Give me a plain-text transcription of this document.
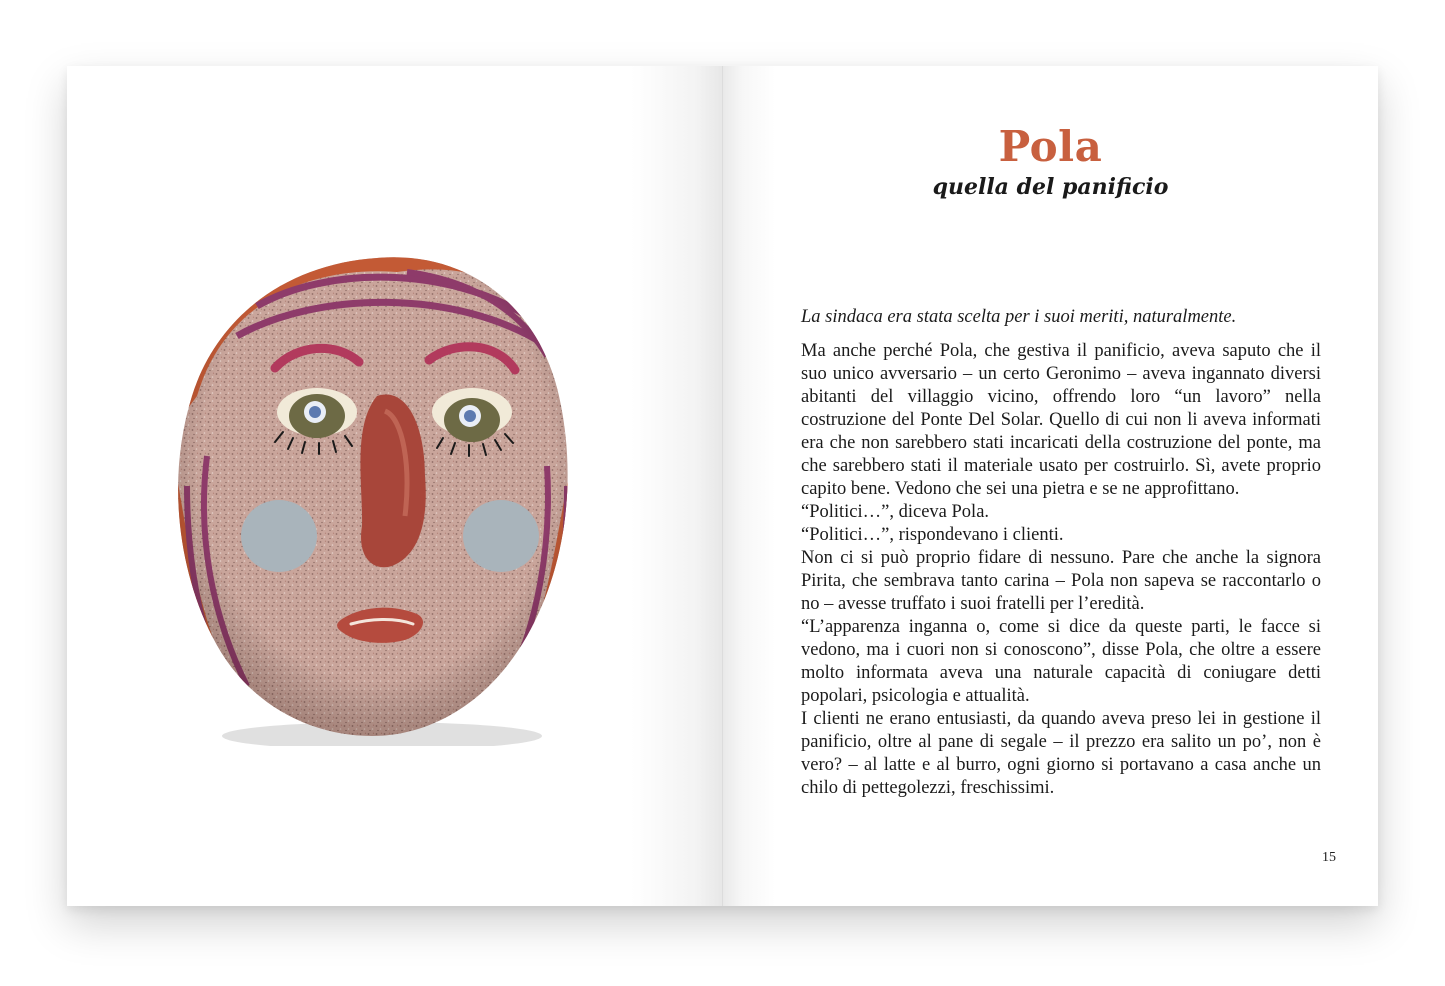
Pola
quella del panificio

La sindaca era stata scelta per i suoi meriti, naturalmente.

Ma anche perché Pola, che gestiva il panificio, aveva saputo che il suo unico avversario – un certo Geronimo – aveva ingannato diversi abitanti del villaggio vicino, offrendo loro “un lavoro” nella costruzione del Ponte Del Solar. Quello di cui non li aveva informati era che non sarebbero stati incaricati della costruzione del ponte, ma che sarebbero stati il materiale usato per costruirlo. Sì, avete proprio capito bene. Vedono che sei una pietra e se ne approfittano.

“Politici…”, diceva Pola.

“Politici…”, rispondevano i clienti.

Non ci si può proprio fidare di nessuno. Pare che anche la signora Pirita, che sembrava tanto carina – Pola non sapeva se raccontarlo o no – avesse truffato i suoi fratelli per l’eredità.

“L’apparenza inganna o, come si dice da queste parti, le facce si vedono, ma i cuori non si conoscono”, disse Pola, che oltre a essere molto informata aveva una naturale capacità di coniugare detti popolari, psicologia e attualità.

I clienti ne erano entusiasti, da quando aveva preso lei in gestione il panificio, oltre al pane di segale – il prezzo era salito un po’, non è vero? – al latte e al burro, ogni giorno si portavano a casa anche un chilo di pettegolezzi, freschissimi.

15
